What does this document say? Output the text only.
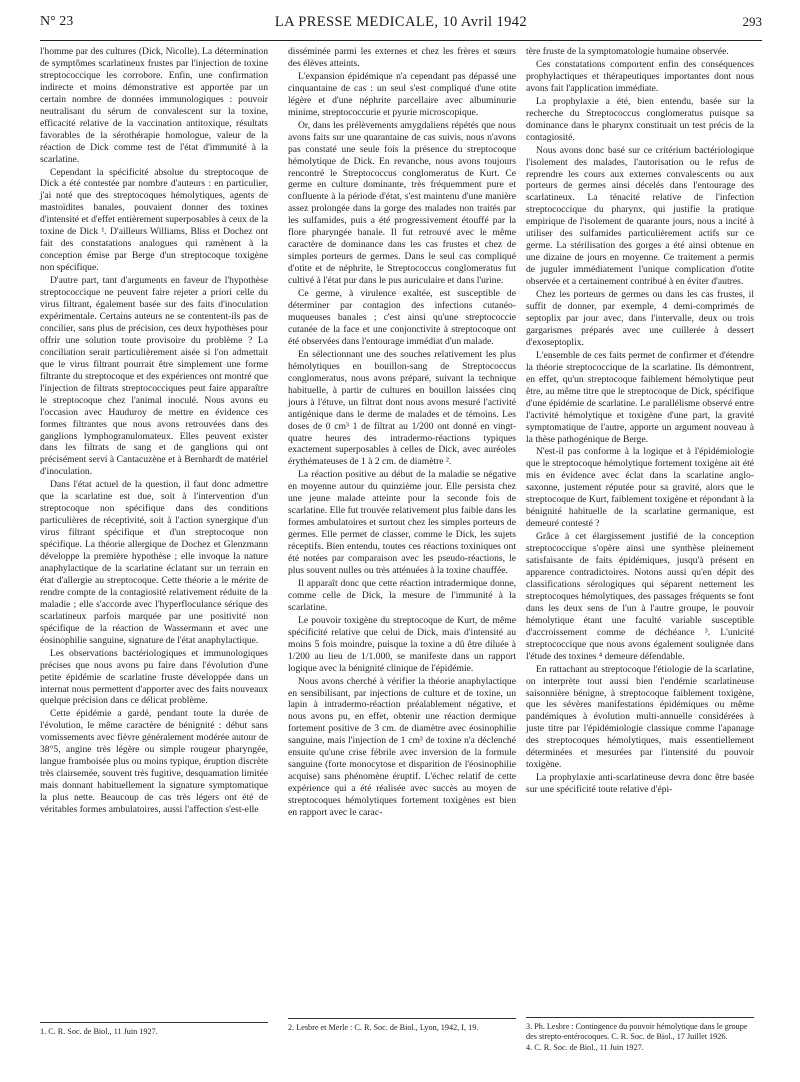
N° 23	LA PRESSE MEDICALE, 10 Avril 1942	293

l'homme par des cultures (Dick, Nicolle). La détermination de symptômes scarlatineux frustes par l'injection de toxine streptococcique les corrobore. Enfin, une confirmation indirecte et moins démonstrative est apportée par un certain nombre de données immunologiques : pouvoir neutralisant du sérum de convalescent sur la toxine, efficacité relative de la vaccination antitoxique, résultats favorables de la sérothérapie homologue, valeur de la réaction de Dick comme test de l'état d'immunité à la scarlatine.

Cependant la spécificité absolue du streptocoque de Dick a été contestée par nombre d'auteurs : en particulier, j'ai noté que des streptocoques hémolytiques, agents de mastoïdites banales, pouvaient donner des toxines d'intensité et d'effet entièrement superposables à ceux de la toxine de Dick ¹. D'ailleurs Williams, Bliss et Dochez ont fait des constatations analogues qui ramènent à la conception émise par Berge d'un streptocoque toxigène non spécifique.

D'autre part, tant d'arguments en faveur de l'hypothèse streptococcique ne peuvent faire rejeter a priori celle du virus filtrant, également basée sur des faits d'inoculation expérimentale. Certains auteurs ne se contentent-ils pas de concilier, sans plus de précision, ces deux hypothèses pour offrir une solution toute provisoire du problème ? La conciliation serait particulièrement aisée si l'on admettait que le virus filtrant pourrait être simplement une forme filtrante du streptocoque et des expériences ont montré que l'injection de filtrats streptococciques peut faire apparaître le streptocoque chez l'animal inoculé. Nous avons eu l'occasion avec Hauduroy de mettre en évidence ces formes filtrantes que nous avons retrouvées dans des ganglions lymphogranulomateux. Elles peuvent exister dans les filtrats de sang et de ganglions qui ont précisément servi à Cantacuzène et à Bernhardt de matériel d'inoculation.

Dans l'état actuel de la question, il faut donc admettre que la scarlatine est due, soit à l'intervention d'un streptocoque non spécifique dans des conditions particulières de réceptivité, soit à l'action synergique d'un virus filtrant spécifique et d'un streptocoque non spécifique. La théorie allergique de Dochez et Glenzmann développe la première hypothèse ; elle invoque la nature anaphylactique de la scarlatine éclatant sur un terrain en état d'allergie au streptocoque. Cette théorie a le mérite de rendre compte de la contagiosité relativement réduite de la maladie ; elle s'accorde avec l'hyperfloculance sérique des scarlatineux parfois marquée par une positivité non spécifique de la réaction de Wassermann et avec une éosinophilie sanguine, signature de l'état anaphylactique.

Les observations bactériologiques et immunologiques précises que nous avons pu faire dans l'évolution d'une petite épidémie de scarlatine fruste développée dans un internat nous permettent d'apporter avec des faits nouveaux quelque précision dans ce délicat problème.

Cette épidémie a gardé, pendant toute la durée de l'évolution, le même caractère de bénignité : début sans vomissements avec fièvre généralement modérée autour de 38°5, angine très légère ou simple rougeur pharyngée, langue framboisée plus ou moins typique, éruption discrète très clairsemée, souvent très fugitive, desquamation limitée mais donnant habituellement la signature symptomatique la plus nette. Beaucoup de cas très légers ont été de véritables formes ambulatoires, aussi l'affection s'est-elle

disséminée parmi les externes et chez les frères et sœurs des élèves atteints.

L'expansion épidémique n'a cependant pas dépassé une cinquantaine de cas : un seul s'est compliqué d'une otite légère et d'une néphrite parcellaire avec albuminurie minime, streptococcurie et pyurie microscopique.

Or, dans les prélèvements amygdaliens répétés que nous avons faits sur une quarantaine de cas suivis, nous n'avons pas constaté une seule fois la présence du streptocoque hémolytique de Dick. En revanche, nous avons toujours rencontré le Streptococcus conglomeratus de Kurt. Ce germe en culture dominante, très fréquemment pure et confluente à la période d'état, s'est maintenu d'une manière assez prolongée dans la gorge des malades non traités par les sulfamides, puis a été progressivement étouffé par la flore pharyngée banale. Il fut retrouvé avec le même caractère de dominance dans les cas frustes et chez de simples porteurs de germes. Dans le seul cas compliqué d'otite et de néphrite, le Streptococcus conglomeratus fut cultivé à l'état pur dans le pus auriculaire et dans l'urine.

Ce germe, à virulence exaltée, est susceptible de déterminer par contagion des infections cutanéo-muqueuses banales ; c'est ainsi qu'une streptococcie cutanée de la face et une conjonctivite à streptocoque ont été observées dans l'entourage immédiat d'un malade.

En sélectionnant une des souches relativement les plus hémolytiques en bouillon-sang de Streptococcus conglomeratus, nous avons préparé, suivant la technique habituelle, à partir de cultures en bouillon laissées cinq jours à l'étuve, un filtrat dont nous avons mesuré l'activité antigénique dans le derme de malades et de témoins. Les doses de 0 cm³ 1 de filtrat au 1/200 ont donné en vingt-quatre heures des intradermo-réactions typiques exactement superposables à celles de Dick, avec auréoles érythémateuses de 1 à 2 cm. de diamètre ².

La réaction positive au début de la maladie se négative en moyenne autour du quinzième jour. Elle persista chez une jeune malade atteinte pour la seconde fois de scarlatine. Elle fut trouvée relativement plus faible dans les formes ambulatoires et surtout chez les simples porteurs de germes. Elle permet de classer, comme le Dick, les sujets réceptifs. Bien entendu, toutes ces réactions toxiniques ont été notées par comparaison avec les pseudo-réactions, le plus souvent nulles ou très atténuées à la toxine chauffée.

Il apparaît donc que cette réaction intradermique donne, comme celle de Dick, la mesure de l'immunité à la scarlatine.

Le pouvoir toxigène du streptocoque de Kurt, de même spécificité relative que celui de Dick, mais d'intensité au moins 5 fois moindre, puisque la toxine a dû être diluée à 1/200 au lieu de 1/1.000, se manifeste dans un rapport logique avec la bénignité clinique de l'épidémie.

Nous avons cherché à vérifier la théorie anaphylactique en sensibilisant, par injections de culture et de toxine, un lapin à intradermo-réaction préalablement négative, et nous avons pu, en effet, obtenir une réaction dermique fortement positive de 3 cm. de diamètre avec éosinophilie sanguine, mais l'injection de 1 cm³ de toxine n'a déclenché ensuite qu'une crise fébrile avec inversion de la formule sanguine (forte monocytose et disparition de l'éosinophilie acquise) sans phénomène éruptif. L'échec relatif de cette expérience qui a été réalisée avec succès au moyen de streptocoques hémolytiques fortement toxigènes est bien en rapport avec le carac-

tère fruste de la symptomatologie humaine observée.

Ces constatations comportent enfin des conséquences prophylactiques et thérapeutiques importantes dont nous avons fait l'application immédiate.

La prophylaxie a été, bien entendu, basée sur la recherche du Streptococcus conglomeratus puisque sa dominance dans le pharynx constituait un test précis de la contagiosité.

Nous avons donc basé sur ce critérium bactériologique l'isolement des malades, l'autorisation ou le refus de reprendre les cours aux externes convalescents ou aux porteurs de germes ainsi décelés dans l'entourage des scarlatineux. La ténacité relative de l'infection streptococcique du pharynx, qui justifie la pratique empirique de l'isolement de quarante jours, nous a incité à utiliser des sulfamides particulièrement actifs sur ce germe. La stérilisation des gorges a été ainsi obtenue en une dizaine de jours en moyenne. Ce traitement a permis de juguler immédiatement l'unique complication d'otite observée et a certainement contribué à en éviter d'autres.

Chez les porteurs de germes ou dans les cas frustes, il suffit de donner, par exemple, 4 demi-comprimés de septoplix par jour avec, dans l'intervalle, deux ou trois gargarismes préparés avec une cuillerée à dessert d'exoseptoplix.

L'ensemble de ces faits permet de confirmer et d'étendre la théorie streptococcique de la scarlatine. Ils démontrent, en effet, qu'un streptocoque faiblement hémolytique peut être, au même titre que le streptocoque de Dick, spécifique d'une épidémie de scarlatine. Le parallélisme observé entre l'activité hémolytique et toxigène d'une part, la gravité symptomatique de l'autre, apporte un argument nouveau à la thèse pathogénique de Berge.

N'est-il pas conforme à la logique et à l'épidémiologie que le streptocoque hémolytique fortement toxigène ait été mis en évidence avec éclat dans la scarlatine anglo-saxonne, justement réputée pour sa gravité, alors que le streptocoque de Kurt, faiblement toxigène et répondant à la bénignité habituelle de la scarlatine germanique, est demeuré contesté ?

Grâce à cet élargissement justifié de la conception streptococcique s'opère ainsi une synthèse pleinement satisfaisante de faits épidémiques, jusqu'à présent en apparence contradictoires. Notons aussi qu'en dépit des classifications sérologiques qui séparent nettement les streptocoques hémolytiques, des passages fréquents se font dans les deux sens de l'un à l'autre groupe, le pouvoir hémolytique étant une faculté variable susceptible d'accroissement comme de déchéance ³. L'unicité streptococcique que nous avons également soulignée dans l'étude des toxines ⁴ demeure défendable.

En rattachant au streptocoque l'étiologie de la scarlatine, on interprète tout aussi bien l'endémie scarlatineuse saisonnière bénigne, à streptocoque faiblement toxigène, que les sévères manifestations épidémiques ou même pandémiques à évolution multi-annuelle considérées à juste titre par l'épidémiologie classique comme l'apanage des streptocoques hémolytiques, mais essentiellement déterminées et mesurées par l'intensité du pouvoir toxigène.

La prophylaxie anti-scarlatineuse devra donc être basée sur une spécificité toute relative d'épi-

1. C. R. Soc. de Biol., 11 Juin 1927.	2. Lesbre et Merle : C. R. Soc. de Biol., Lyon, 1942, I, 19.	3. Ph. Lesbre : Contingence du pouvoir hémolytique dans le groupe des strepto-entérocoques. C. R. Soc. de Biol., 17 Juillet 1926.
4. C. R. Soc. de Biol., 11 Juin 1927.
